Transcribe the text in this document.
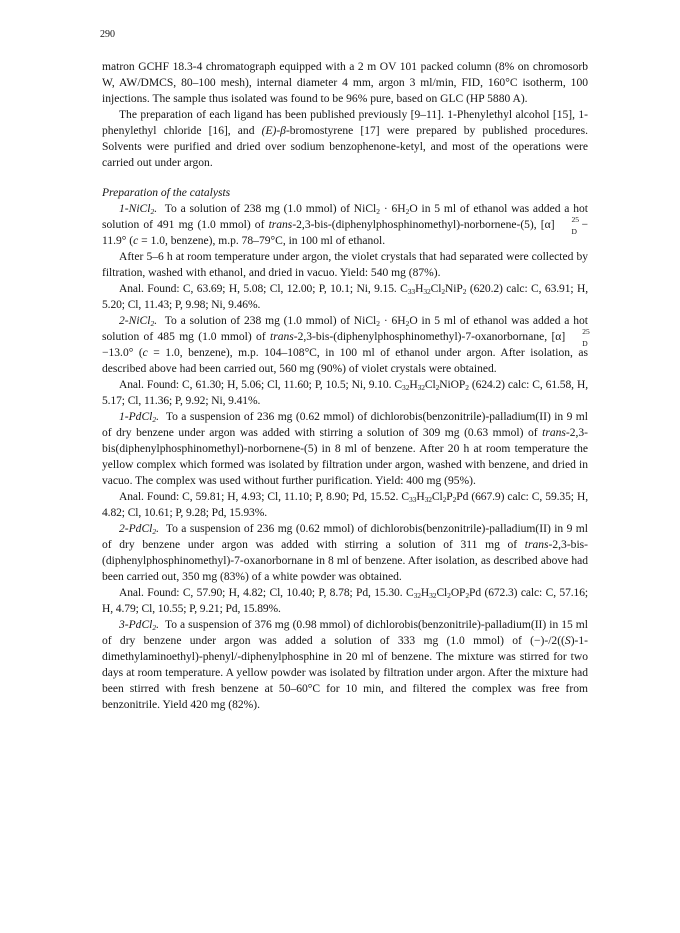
290

matron GCHF 18.3-4 chromatograph equipped with a 2 m OV 101 packed column (8% on chromosorb W, AW/DMCS, 80–100 mesh), internal diameter 4 mm, argon 3 ml/min, FID, 160°C isotherm, 100 injections. The sample thus isolated was found to be 96% pure, based on GLC (HP 5880 A).

The preparation of each ligand has been published previously [9–11]. 1-Phenylethyl alcohol [15], 1-phenylethyl chloride [16], and (E)-β-bromostyrene [17] were prepared by published procedures. Solvents were purified and dried over sodium benzophenone-ketyl, and most of the operations were carried out under argon.

Preparation of the catalysts

1-NiCl$_2$. To a solution of 238 mg (1.0 mmol) of NiCl$_2$ · $6H_2O$ in 5 ml of ethanol was added a hot solution of 491 mg (1.0 mmol) of trans-2,3-bis-(diphenylphosphinomethyl)-norbornene-(5), [α] 	25
D
− 11.9° (c = 1.0, benzene), m.p. 78–79°C, in 100 ml of ethanol.

After 5–6 h at room temperature under argon, the violet crystals that had separated were collected by filtration, washed with ethanol, and dried in vacuo. Yield: 540 mg (87%).

Anal. Found: C, 63.69; H, 5.08; Cl, 12.00; P, 10.1; Ni, 9.15. $C_{33}H_{32}Cl_2NiP_2$ (620.2) calc: C, 63.91; H, 5.20; Cl, 11.43; P, 9.98; Ni, 9.46%.

2-NiCl$_2$. To a solution of 238 mg (1.0 mmol) of NiCl$_2$ · $6H_2O$ in 5 ml of ethanol was added a hot solution of 485 mg (1.0 mmol) of trans-2,3-bis-(diphenylphosphinomethyl)-7-oxanorbornane, [α] 	25
D
−13.0° (c = 1.0, benzene), m.p. 104–108°C, in 100 ml of ethanol under argon. After isolation, as described above had been carried out, 560 mg (90%) of violet crystals were obtained.

Anal. Found: C, 61.30; H, 5.06; Cl, 11.60; P, 10.5; Ni, 9.10. $C_{32}H_{32}Cl_2NiOP_2$ (624.2) calc: C, 61.58, H, 5.17; Cl, 11.36; P, 9.92; Ni, 9.41%.

1-PdCl$_2$. To a suspension of 236 mg (0.62 mmol) of dichlorobis(benzonitrile)-palladium(II) in 9 ml of dry benzene under argon was added with stirring a solution of 309 mg (0.63 mmol) of trans-2,3-bis(diphenylphosphinomethyl)-norbornene-(5) in 8 ml of benzene. After 20 h at room temperature the yellow complex which formed was isolated by filtration under argon, washed with benzene, and dried in vacuo. The complex was used without further purification. Yield: 400 mg (95%).

Anal. Found: C, 59.81; H, 4.93; Cl, 11.10; P, 8.90; Pd, 15.52. $C_{33}H_{32}Cl_2P_2Pd$ (667.9) calc: C, 59.35; H, 4.82; Cl, 10.61; P, 9.28; Pd, 15.93%.

2-PdCl$_2$. To a suspension of 236 mg (0.62 mmol) of dichlorobis(benzonitrile)-palladium(II) in 9 ml of dry benzene under argon was added with stirring a solution of 311 mg of trans-2,3-bis-(diphenylphosphinomethyl)-7-oxanorbornane in 8 ml of benzene. After isolation, as described above had been carried out, 350 mg (83%) of a white powder was obtained.

Anal. Found: C, 57.90; H, 4.82; Cl, 10.40; P, 8.78; Pd, 15.30. $C_{32}H_{32}Cl_2OP_2Pd$ (672.3) calc: C, 57.16; H, 4.79; Cl, 10.55; P, 9.21; Pd, 15.89%.

3-PdCl$_2$. To a suspension of 376 mg (0.98 mmol) of dichlorobis(benzonitrile)-palladium(II) in 15 ml of dry benzene under argon was added a solution of 333 mg (1.0 mmol) of (−)-/2((S)-1-dimethylaminoethyl)-phenyl/-diphenylphosphine in 20 ml of benzene. The mixture was stirred for two days at room temperature. A yellow powder was isolated by filtration under argon. After the mixture had been stirred with fresh benzene at 50–60°C for 10 min, and filtered the complex was free from benzonitrile. Yield 420 mg (82%).
